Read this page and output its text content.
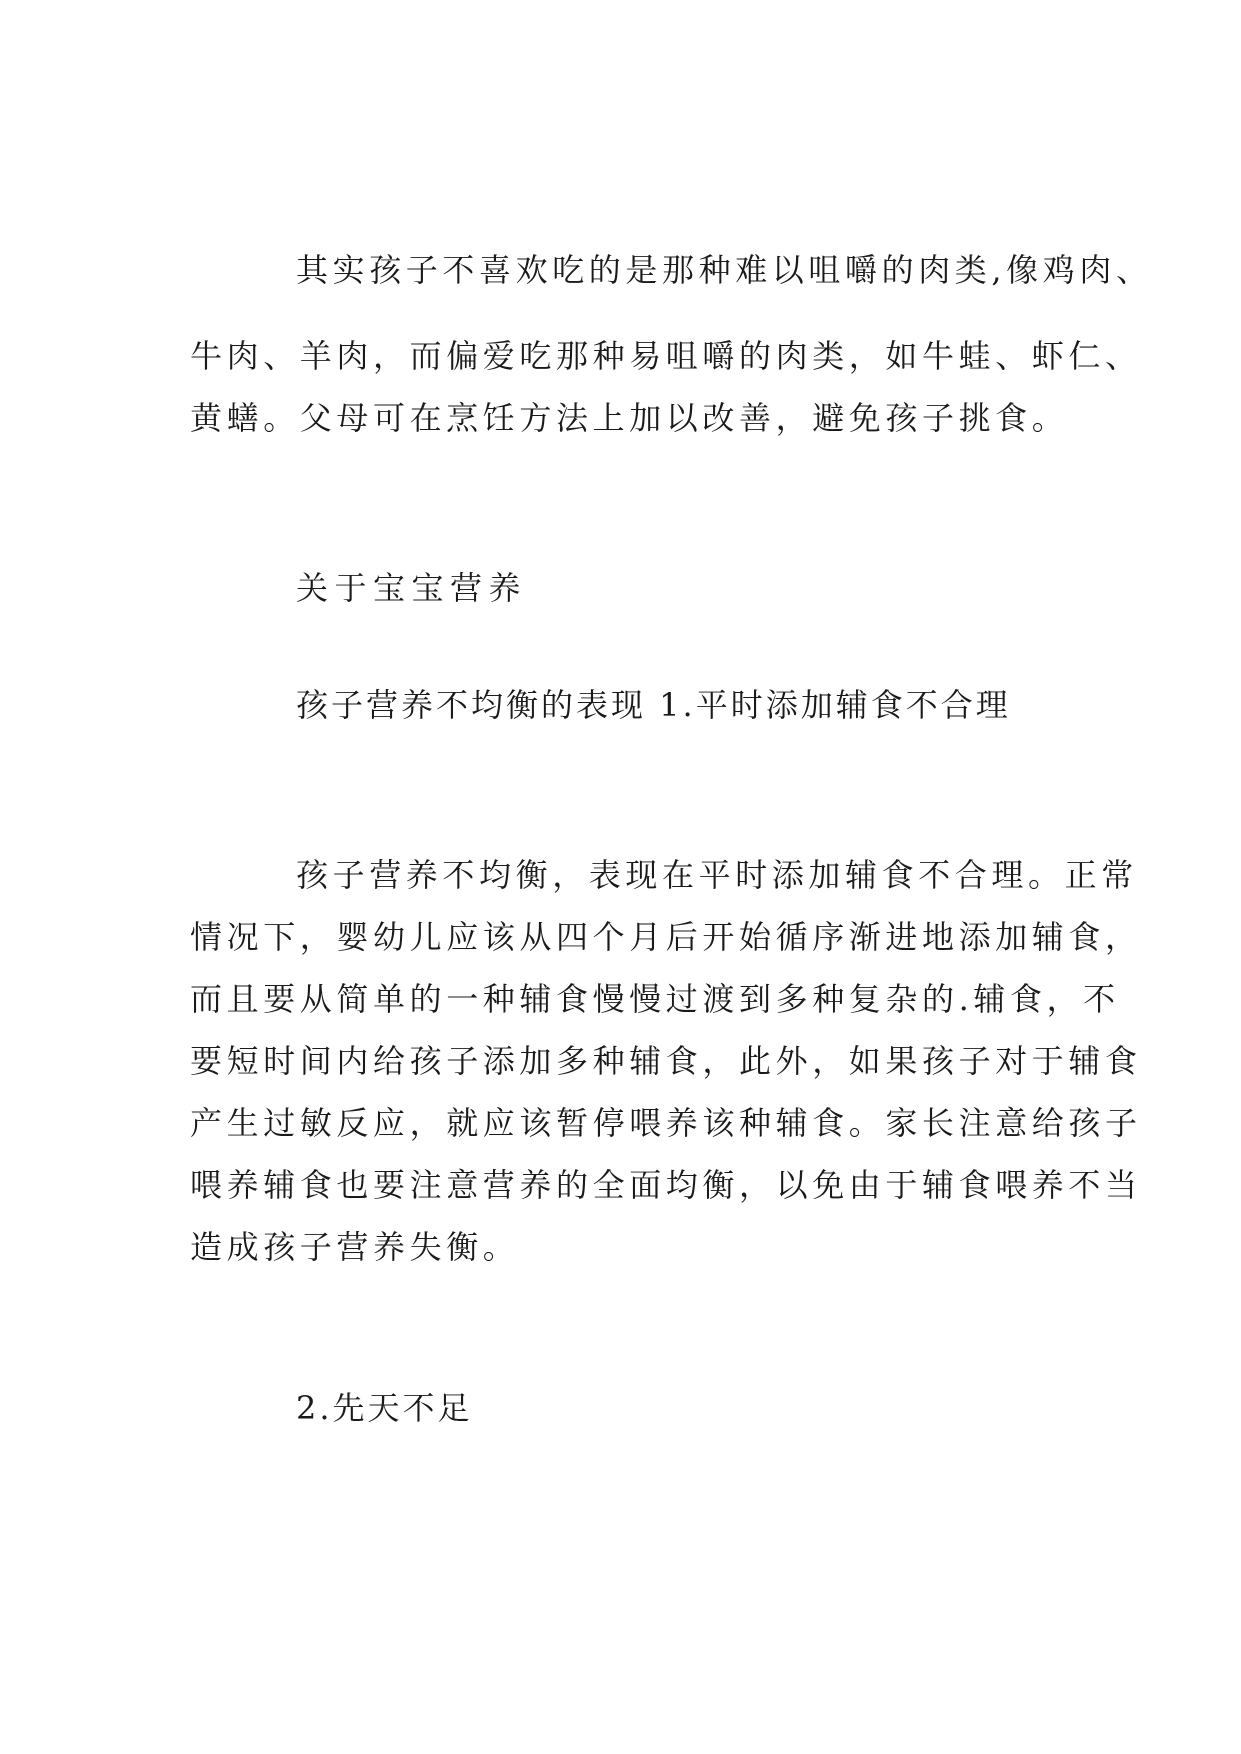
其实孩子不喜欢吃的是那种难以咀嚼的肉类,像鸡肉、

牛肉、羊肉，而偏爱吃那种易咀嚼的肉类，如牛蛙、虾仁、

黄蟮。父母可在烹饪方法上加以改善，避免孩子挑食。

关于宝宝营养

孩子营养不均衡的表现 1.平时添加辅食不合理

孩子营养不均衡，表现在平时添加辅食不合理。正常

情况下，婴幼儿应该从四个月后开始循序渐进地添加辅食，

而且要从简单的一种辅食慢慢过渡到多种复杂的.辅食，不

要短时间内给孩子添加多种辅食，此外，如果孩子对于辅食

产生过敏反应，就应该暂停喂养该种辅食。家长注意给孩子

喂养辅食也要注意营养的全面均衡，以免由于辅食喂养不当

造成孩子营养失衡。

2.先天不足
